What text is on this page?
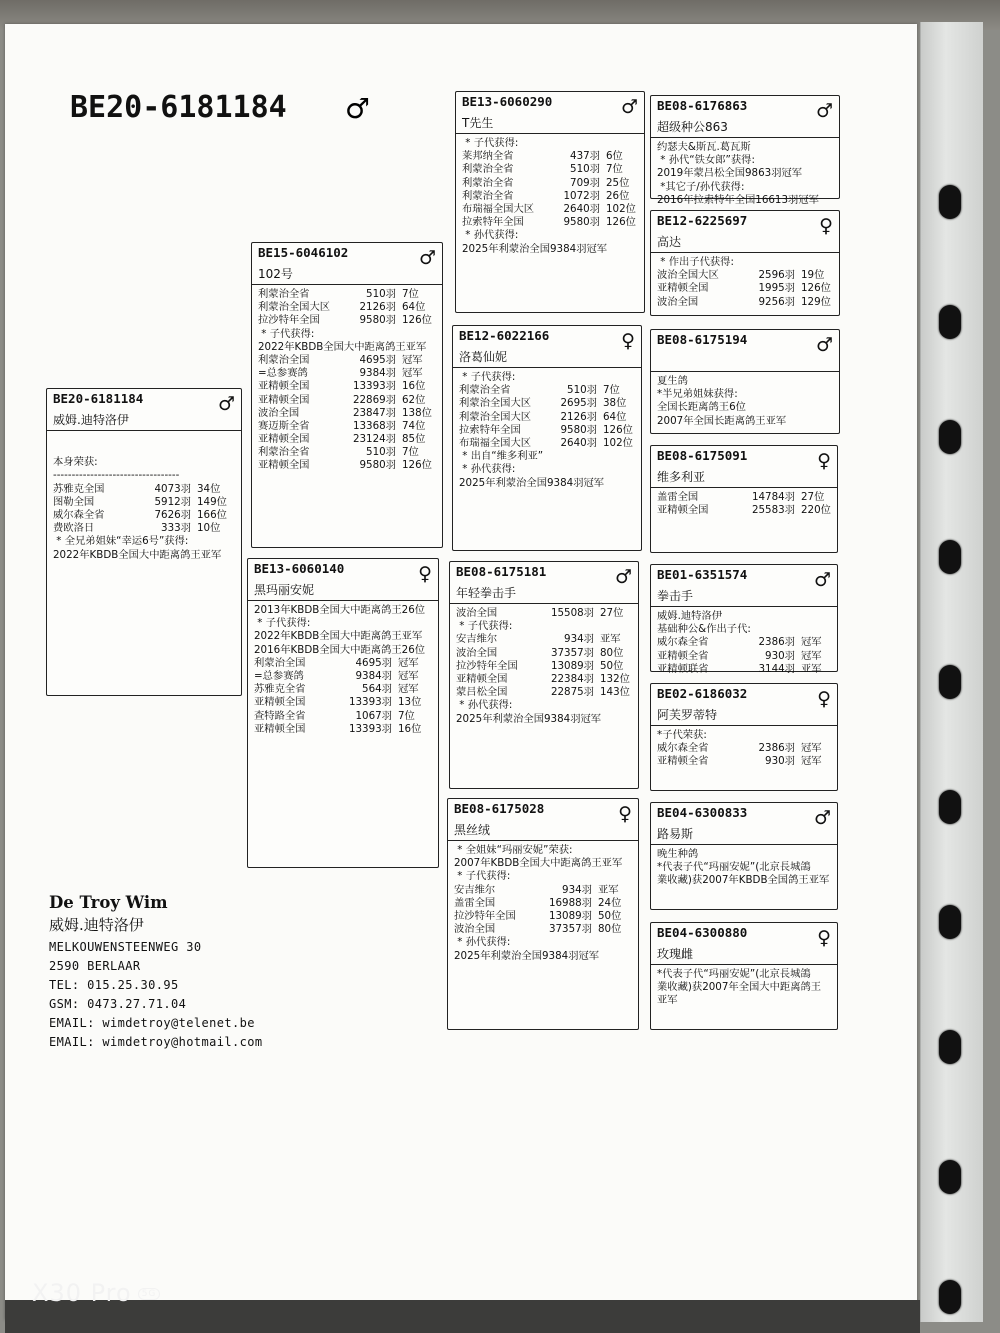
BE20-6181184 ♂
BE20-6181184
威姆.迪特洛伊
♂
本身荣获:
----------------------------------
苏雅克全国	4073羽 34位
图勒全国	5912羽 149位
威尔森全省	7626羽 166位
费欧洛日	333羽 10位
* 全兄弟姐妹“幸运6号”获得:
2022年KBDB全国大中距离鸽王亚军
BE15-6046102
102号
♂
利蒙治全省	510羽 7位
利蒙治全国大区	2126羽 64位
拉沙特年全国	9580羽 126位
* 子代获得:
2022年KBDB全国大中距离鸽王亚军
利蒙治全国	4695羽 冠军
=总参赛鸽	9384羽 冠军
亚精顿全国	13393羽 16位
亚精顿全国	22869羽 62位
波治全国	23847羽 138位
赛迈斯全省	13368羽 74位
亚精顿全国	23124羽 85位
利蒙治全省	510羽 7位
亚精顿全国	9580羽 126位
BE13-6060140
黑玛丽安妮
♀
2013年KBDB全国大中距离鸽王26位
* 子代获得:
2022年KBDB全国大中距离鸽王亚军
2016年KBDB全国大中距离鸽王26位
利蒙治全国	4695羽 冠军
=总参赛鸽	9384羽 冠军
苏雅克全省	564羽 冠军
亚精顿全国	13393羽 13位
查特路全省	1067羽 7位
亚精顿全国	13393羽 16位
BE13-6060290
T先生
♂
* 子代获得:
莱邦纳全省	437羽 6位
利蒙治全省	510羽 7位
利蒙治全省	709羽 25位
利蒙治全省	1072羽 26位
布瑞福全国大区	2640羽 102位
拉索特年全国	9580羽 126位
* 孙代获得:
2025年利蒙治全国9384羽冠军
BE12-6022166
洛葛仙妮
♀
* 子代获得:
利蒙治全省	510羽 7位
利蒙治全国大区	2695羽 38位
利蒙治全国大区	2126羽 64位
拉索特年全国	9580羽 126位
布瑞福全国大区	2640羽 102位
* 出自“维多利亚”
* 孙代获得:
2025年利蒙治全国9384羽冠军
BE08-6175181
年轻拳击手
♂
波治全国	15508羽 27位
* 子代获得:
安吉维尔	934羽 亚军
波治全国	37357羽 80位
拉沙特年全国	13089羽 50位
亚精顿全国	22384羽 132位
蒙吕松全国	22875羽 143位
* 孙代获得:
2025年利蒙治全国9384羽冠军
BE08-6175028
黑丝绒
♀
* 全姐妹“玛丽安妮”荣获:
2007年KBDB全国大中距离鸽王亚军
* 子代获得:
安吉维尔	934羽 亚军
盖雷全国	16988羽 24位
拉沙特年全国	13089羽 50位
波治全国	37357羽 80位
* 孙代获得:
2025年利蒙治全国9384羽冠军
BE08-6176863
超级种公863
♂
约瑟夫&斯瓦.葛瓦斯
* 孙代“铁女郎”获得:
2019年蒙吕松全国9863羽冠军
*其它子/孙代获得:
2016年拉索特年全国16613羽冠军
BE12-6225697
高达
♀
* 作出子代获得:
波治全国大区	2596羽 19位
亚精顿全国	1995羽 126位
波治全国	9256羽 129位
BE08-6175194	♂
夏生鸽
*半兄弟姐妹获得:
全国长距离鸽王6位
2007年全国长距离鸽王亚军
BE08-6175091
维多利亚
♀
盖雷全国	14784羽 27位
亚精顿全国	25583羽 220位
BE01-6351574
拳击手
♂
威姆.迪特洛伊
基础种公&作出子代:
威尔森全省	2386羽 冠军
亚精顿全省	930羽 冠军
亚精顿联省	3144羽 亚军
BE02-6186032
阿芙罗蒂特
♀
*子代荣获:
威尔森全省	2386羽 冠军
亚精顿全省	930羽 冠军
BE04-6300833
路易斯
♂
晚生种鸽
*代表子代“玛丽安妮”(北京長城鴿
業收藏)获2007年KBDB全国鸽王亚军
BE04-6300880
玫瑰雌
♀
*代表子代“玛丽安妮”(北京長城鴿
業收藏)获2007年全国大中距离鸽王
亚军
De Troy Wim
威姆.迪特洛伊
MELKOUWENSTEENWEG 30
2590 BERLAAR
TEL: 015.25.30.95
GSM: 0473.27.71.04
EMAIL: wimdetroy@telenet.be
EMAIL: wimdetroy@hotmail.com
X30 Pro 5G
